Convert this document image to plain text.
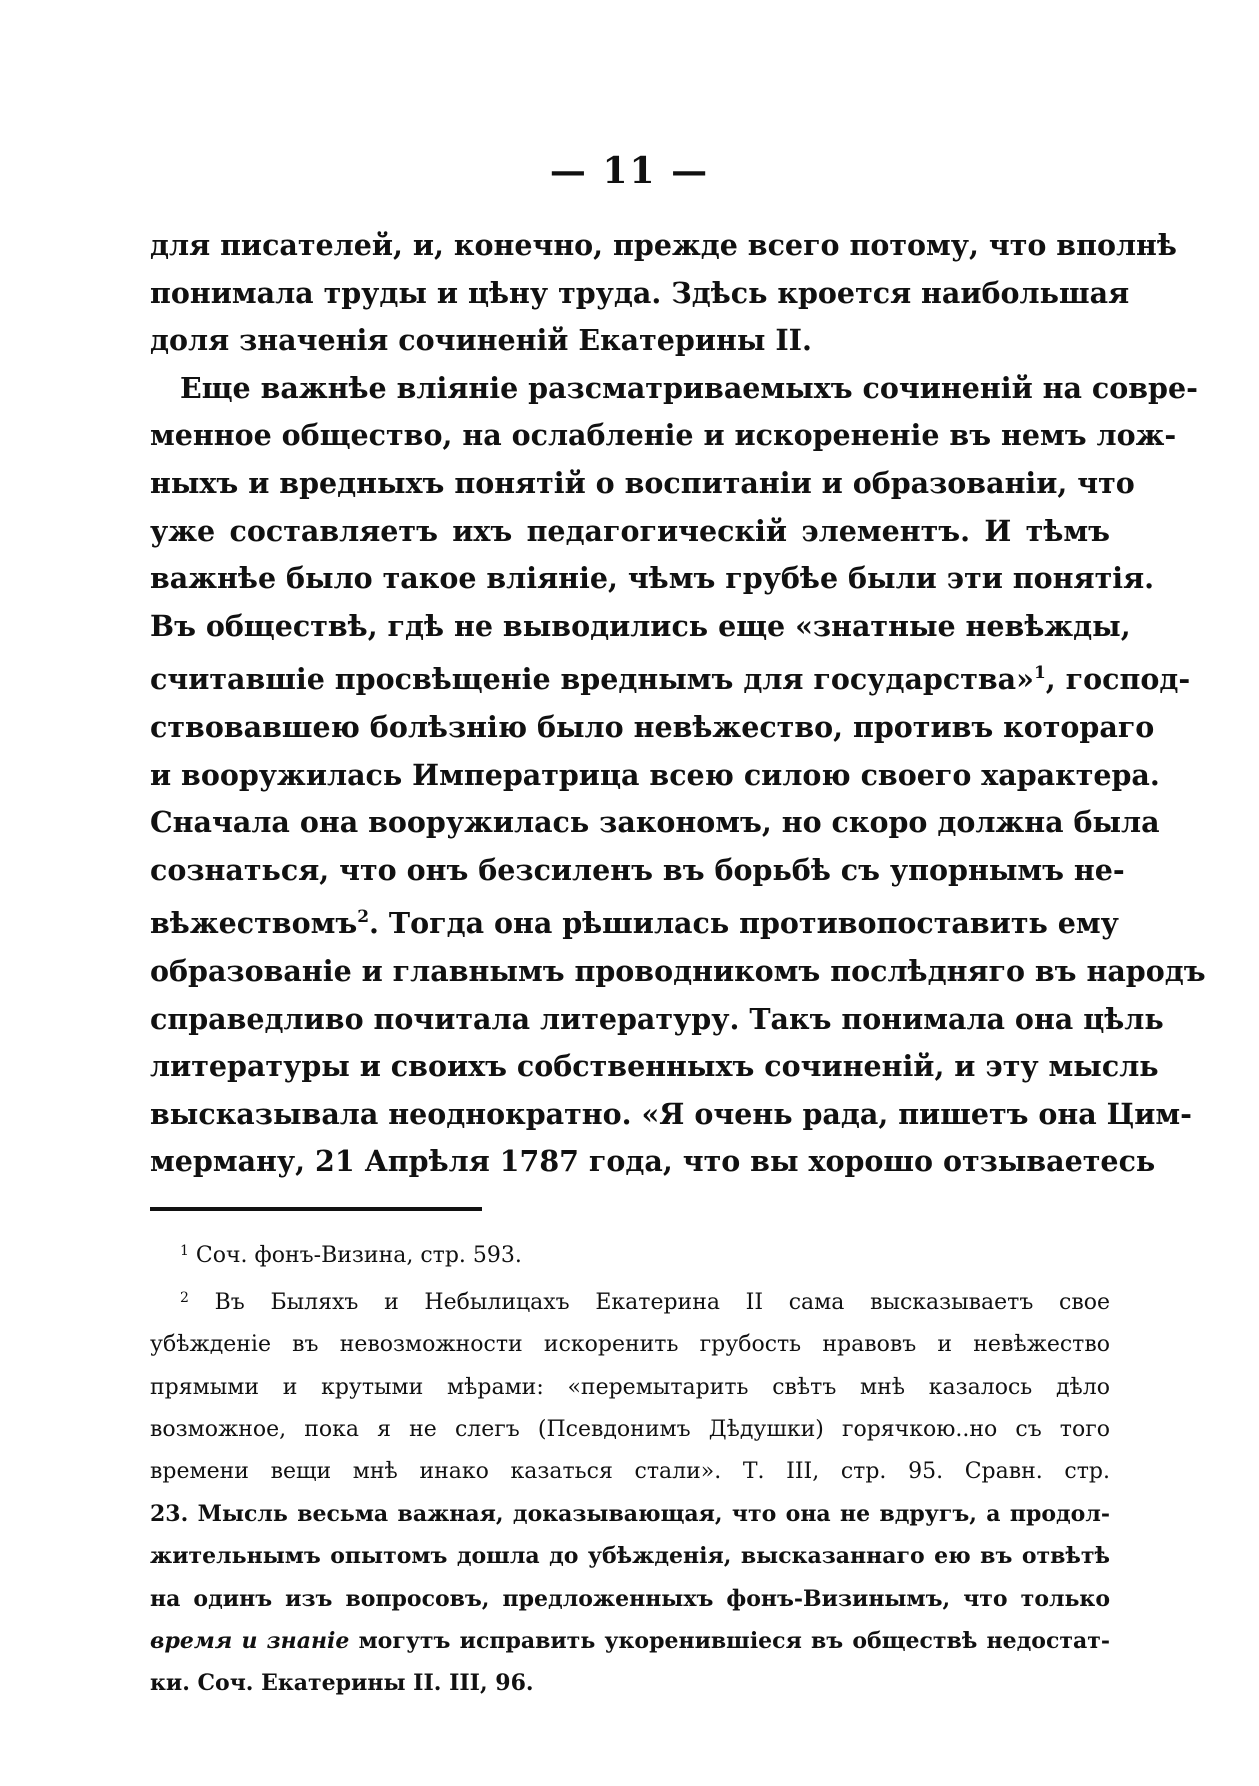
— 11 —

для писателей, и, конечно, прежде всего потому, что вполнѣ

понимала труды и цѣну труда. Здѣсь кроется наибольшая

доля значенія сочиненій Екатерины II.

Еще важнѣе вліяніе разсматриваемыхъ сочиненій на совре-

менное общество, на ослабленіе и искорененіе въ немъ лож-

ныхъ и вредныхъ понятій о воспитаніи и образованіи, что

уже составляетъ ихъ педагогическій элементъ. И тѣмъ

важнѣе было такое вліяніе, чѣмъ грубѣе были эти понятія.

Въ обществѣ, гдѣ не выводились еще «знатные невѣжды,

считавшіе просвѣщеніе вреднымъ для государства»$^1$, господ-

ствовавшею болѣзнію было невѣжество, противъ котораго

и вооружилась Императрица всею силою своего характера.

Сначала она вооружилась закономъ, но скоро должна была

сознаться, что онъ безсиленъ въ борьбѣ съ упорнымъ не-

вѣжествомъ$^2$. Тогда она рѣшилась противопоставить ему

образованіе и главнымъ проводникомъ послѣдняго въ народъ

справедливо почитала литературу. Такъ понимала она цѣль

литературы и своихъ собственныхъ сочиненій, и эту мысль

высказывала неоднократно. «Я очень рада, пишетъ она Цим-

мерману, 21 Апрѣля 1787 года, что вы хорошо отзываетесь

$^1$ Соч. фонъ-Визина, стр. 593.

$^2$ Въ Быляхъ и Небылицахъ Екатерина II сама высказываетъ свое

убѣжденіе въ невозможности искоренить грубость нравовъ и невѣжество

прямыми и крутыми мѣрами: «перемытарить свѣтъ мнѣ казалось дѣло

возможное, пока я не слегъ (Псевдонимъ Дѣдушки) горячкою..но съ того

времени вещи мнѣ инако казаться стали». Т. III, стр. 95. Сравн. стр.

23. Мысль весьма важная, доказывающая, что она не вдругъ, а продол-

жительнымъ опытомъ дошла до убѣжденія, высказаннаго ею въ отвѣтѣ

на одинъ изъ вопросовъ, предложенныхъ фонъ-Визинымъ, что только

время и знаніе могутъ исправить укоренившіеся въ обществѣ недостат-

ки. Соч. Екатерины II. III, 96.
